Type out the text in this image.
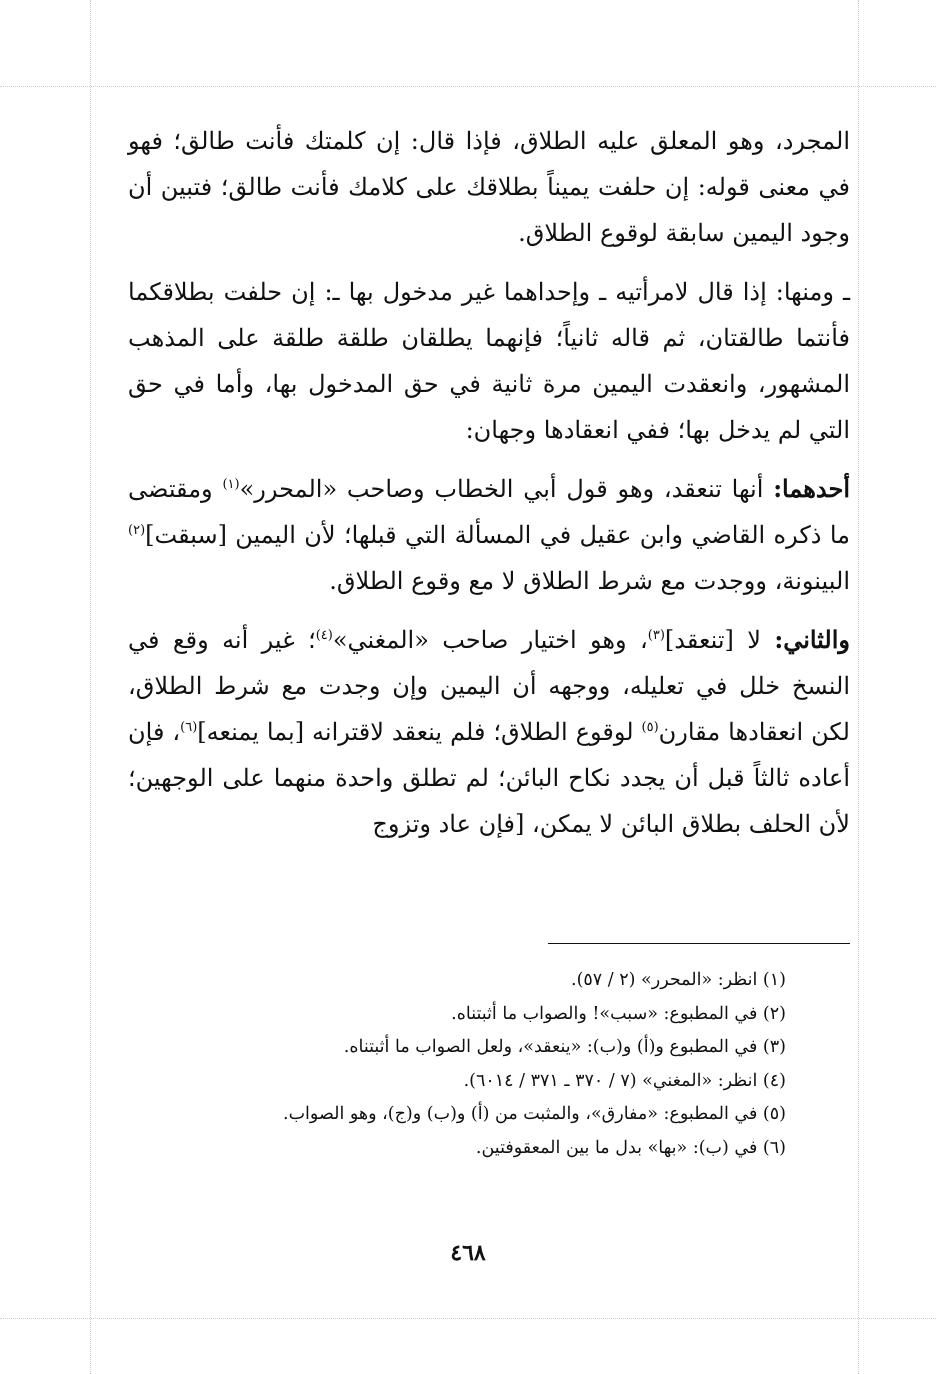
المجرد، وهو المعلق عليه الطلاق، فإذا قال: إن كلمتك فأنت طالق؛ فهو في معنى قوله: إن حلفت يميناً بطلاقك على كلامك فأنت طالق؛ فتبين أن وجود اليمين سابقة لوقوع الطلاق.

ـ ومنها: إذا قال لامرأتيه ـ وإحداهما غير مدخول بها ـ: إن حلفت بطلاقكما فأنتما طالقتان، ثم قاله ثانياً؛ فإنهما يطلقان طلقة طلقة على المذهب المشهور، وانعقدت اليمين مرة ثانية في حق المدخول بها، وأما في حق التي لم يدخل بها؛ ففي انعقادها وجهان:

أحدهما: أنها تنعقد، وهو قول أبي الخطاب وصاحب «المحرر»$^{(١)}$ ومقتضى ما ذكره القاضي وابن عقيل في المسألة التي قبلها؛ لأن اليمين [سبقت]$^{(٢)}$ البينونة، ووجدت مع شرط الطلاق لا مع وقوع الطلاق.

والثاني: لا [تنعقد]$^{(٣)}$، وهو اختيار صاحب «المغني»$^{(٤)}$؛ غير أنه وقع في النسخ خلل في تعليله، ووجهه أن اليمين وإن وجدت مع شرط الطلاق، لكن انعقادها مقارن$^{(٥)}$ لوقوع الطلاق؛ فلم ينعقد لاقترانه [بما يمنعه]$^{(٦)}$، فإن أعاده ثالثاً قبل أن يجدد نكاح البائن؛ لم تطلق واحدة منهما على الوجهين؛ لأن الحلف بطلاق البائن لا يمكن، [فإن عاد وتزوج

(١) انظر: «المحرر» (٢ / ٥٧).

(٢) في المطبوع: «سبب»! والصواب ما أثبتناه.

(٣) في المطبوع و(أ) و(ب): «ينعقد»، ولعل الصواب ما أثبتناه.

(٤) انظر: «المغني» (٧ / ٣٧٠ ـ ٣٧١ / ٦٠١٤).

(٥) في المطبوع: «مفارق»، والمثبت من (أ) و(ب) و(ج)، وهو الصواب.

(٦) في (ب): «بها» بدل ما بين المعقوفتين.

٤٦٨
